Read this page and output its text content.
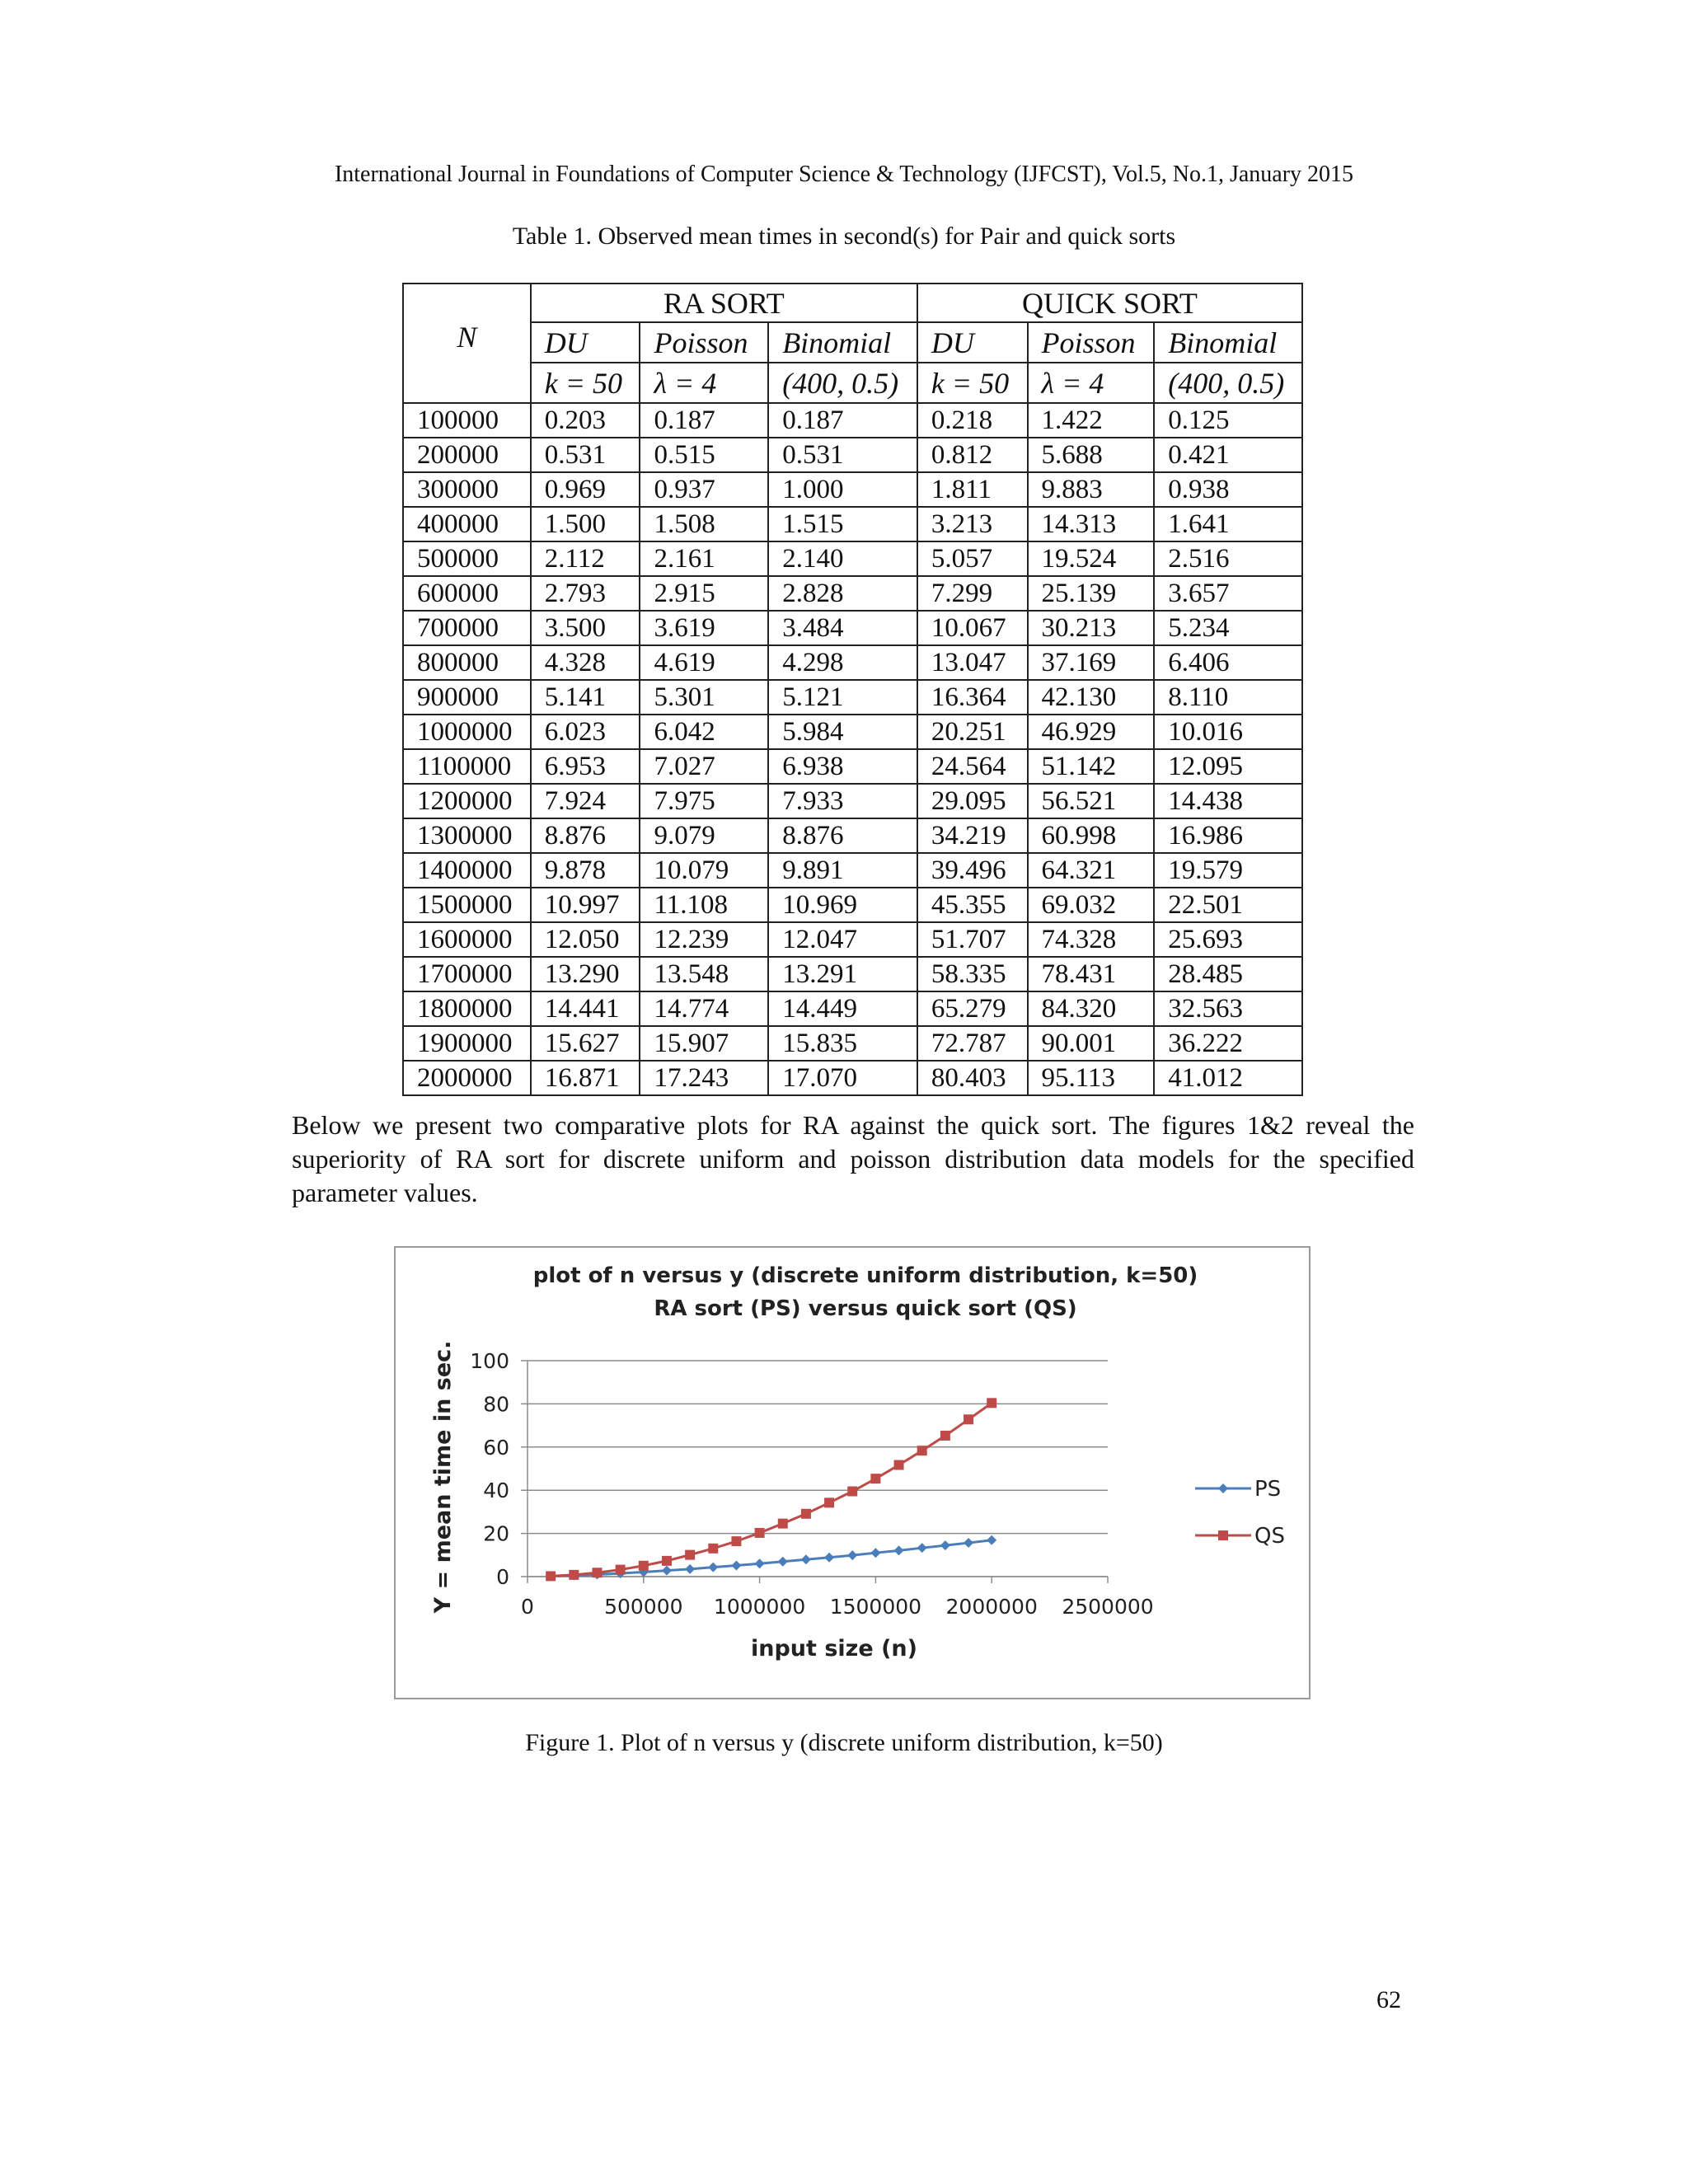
International Journal in Foundations of Computer Science & Technology (IJFCST), Vol.5, No.1, January 2015
Table 1. Observed mean times in second(s) for Pair and quick sorts
N	RA SORT			QUICK SORT		
	DU	Poisson	Binomial	DU	Poisson	Binomial
	k = 50	λ = 4	(400, 0.5)	k = 50	λ = 4	(400, 0.5)
100000	0.203	0.187	0.187	0.218	1.422	0.125
200000	0.531	0.515	0.531	0.812	5.688	0.421
300000	0.969	0.937	1.000	1.811	9.883	0.938
400000	1.500	1.508	1.515	3.213	14.313	1.641
500000	2.112	2.161	2.140	5.057	19.524	2.516
600000	2.793	2.915	2.828	7.299	25.139	3.657
700000	3.500	3.619	3.484	10.067	30.213	5.234
800000	4.328	4.619	4.298	13.047	37.169	6.406
900000	5.141	5.301	5.121	16.364	42.130	8.110
1000000	6.023	6.042	5.984	20.251	46.929	10.016
1100000	6.953	7.027	6.938	24.564	51.142	12.095
1200000	7.924	7.975	7.933	29.095	56.521	14.438
1300000	8.876	9.079	8.876	34.219	60.998	16.986
1400000	9.878	10.079	9.891	39.496	64.321	19.579
1500000	10.997	11.108	10.969	45.355	69.032	22.501
1600000	12.050	12.239	12.047	51.707	74.328	25.693
1700000	13.290	13.548	13.291	58.335	78.431	28.485
1800000	14.441	14.774	14.449	65.279	84.320	32.563
1900000	15.627	15.907	15.835	72.787	90.001	36.222
2000000	16.871	17.243	17.070	80.403	95.113	41.012
Below we present two comparative plots for RA against the quick sort. The figures 1&2 reveal the superiority of RA sort for discrete uniform and poisson distribution data models for the specified parameter values.
plot of n versus y (discrete uniform distribution, k=50)
RA sort (PS) versus quick sort (QS)
0
20
40
60
80
100
0	500000 1000000 1500000 2000000 2500000
input size (n)
Y = mean time in sec.	PS
QS
Figure 1. Plot of n versus y (discrete uniform distribution, k=50)
62
